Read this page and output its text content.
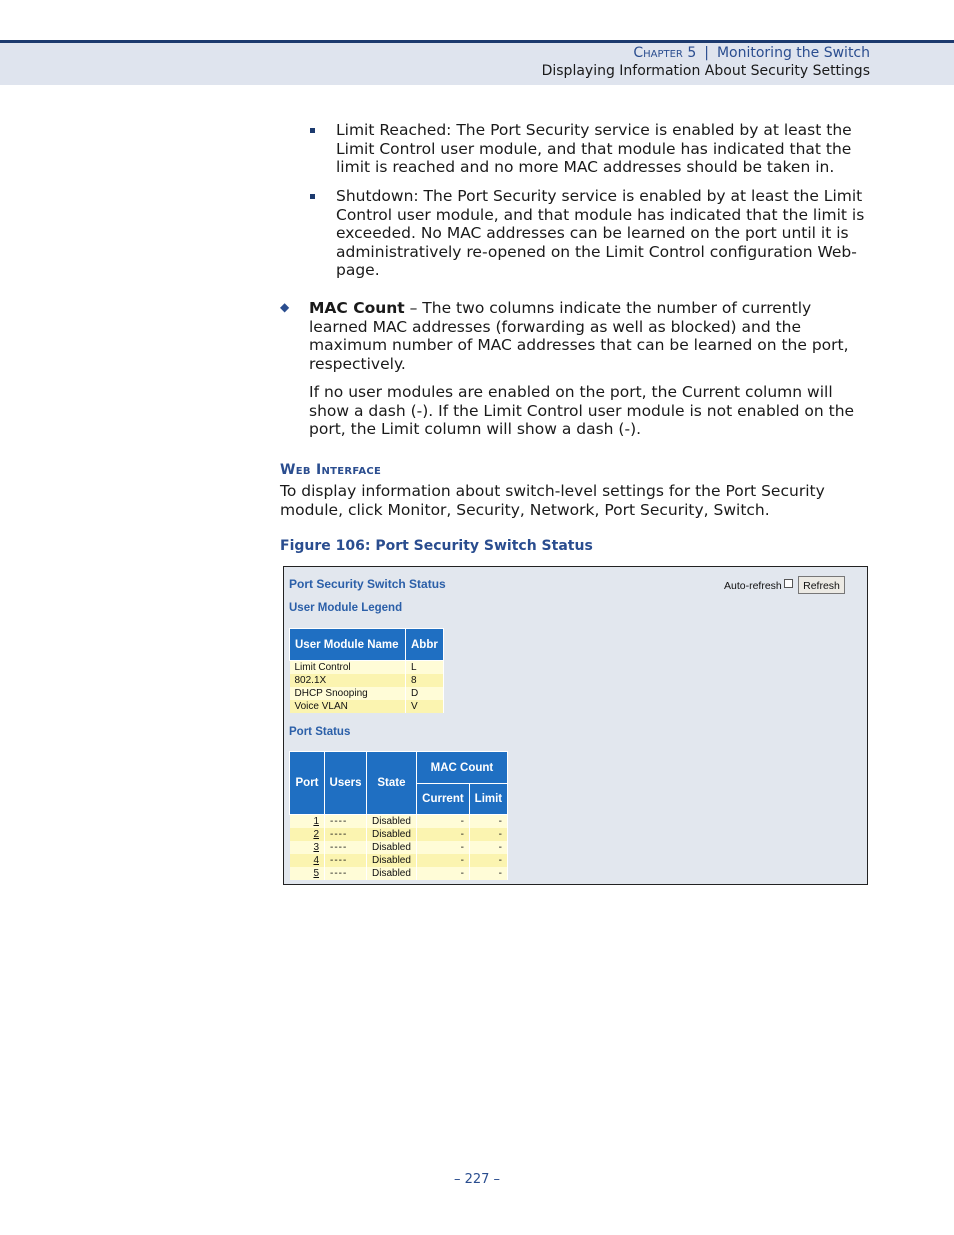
Chapter 5 | Monitoring the Switch
Displaying Information About Security Settings
Limit Reached: The Port Security service is enabled by at least the
Limit Control user module, and that module has indicated that the
limit is reached and no more MAC addresses should be taken in.
Shutdown: The Port Security service is enabled by at least the Limit
Control user module, and that module has indicated that the limit is
exceeded. No MAC addresses can be learned on the port until it is
administratively re-opened on the Limit Control configuration Web-
page.
◆ MAC Count – The two columns indicate the number of currently
learned MAC addresses (forwarding as well as blocked) and the
maximum number of MAC addresses that can be learned on the port,
respectively.
If no user modules are enabled on the port, the Current column will
show a dash (-). If the Limit Control user module is not enabled on the
port, the Limit column will show a dash (-).
Web Interface
To display information about switch-level settings for the Port Security
module, click Monitor, Security, Network, Port Security, Switch.
Figure 106: Port Security Switch Status
Port Security Switch Status	Auto-refresh	Refresh
User Module Legend
User Module Name	Abbr
Limit Control	L
802.1X	8
DHCP Snooping	D
Voice VLAN	V
Port Status
Port	Users	State	MAC Count	
			Current	Limit
1	----	Disabled	-	-
2	----	Disabled	-	-
3	----	Disabled	-	-
4	----	Disabled	-	-
5	----	Disabled	-	-
– 227 –
